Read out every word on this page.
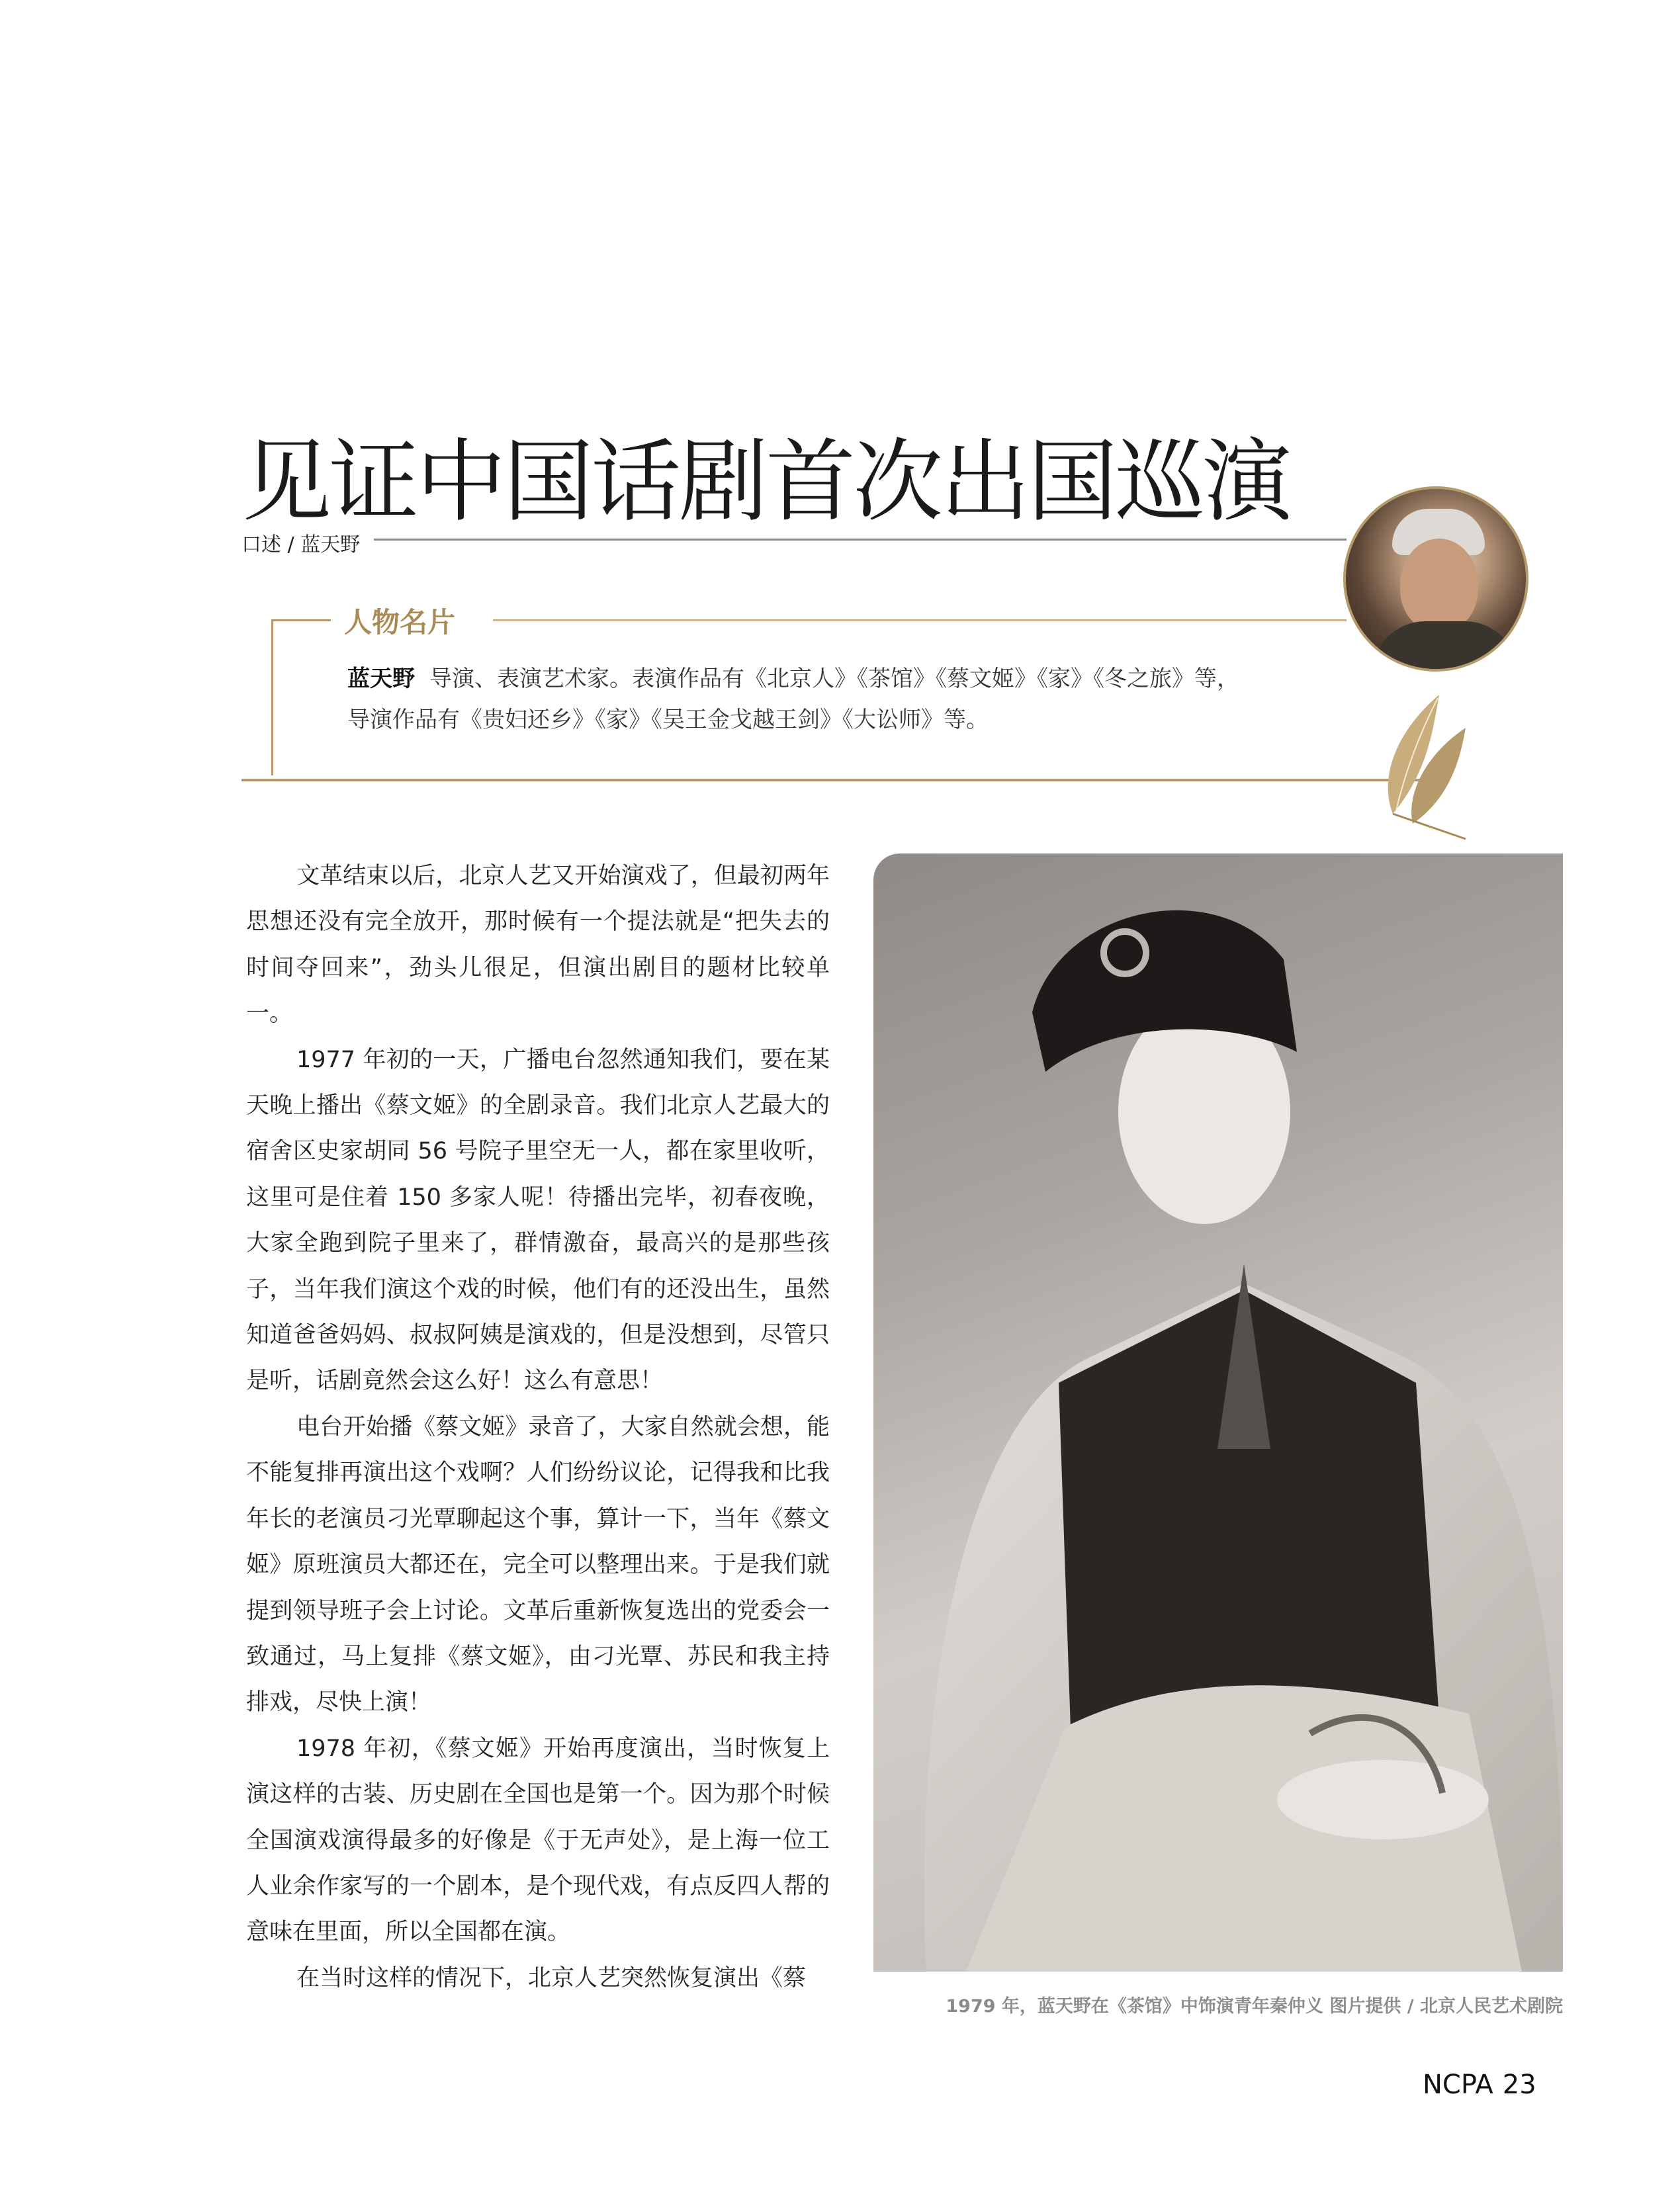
见证中国话剧首次出国巡演
口述 / 蓝天野
人物名片
蓝天野 导演、表演艺术家。表演作品有《北京人》《茶馆》《蔡文姬》《家》《冬之旅》等，
导演作品有《贵妇还乡》《家》《吴王金戈越王剑》《大讼师》等。

文革结束以后，北京人艺又开始演戏了，但最初两年思想还没有完全放开，那时候有一个提法就是“把失去的时间夺回来”，劲头儿很足，但演出剧目的题材比较单一。

1977 年初的一天，广播电台忽然通知我们，要在某天晚上播出《蔡文姬》的全剧录音。我们北京人艺最大的宿舍区史家胡同 56 号院子里空无一人，都在家里收听，这里可是住着 150 多家人呢！待播出完毕，初春夜晚，大家全跑到院子里来了，群情激奋，最高兴的是那些孩子，当年我们演这个戏的时候，他们有的还没出生，虽然知道爸爸妈妈、叔叔阿姨是演戏的，但是没想到，尽管只是听，话剧竟然会这么好！这么有意思！

电台开始播《蔡文姬》录音了，大家自然就会想，能不能复排再演出这个戏啊？人们纷纷议论，记得我和比我年长的老演员刁光覃聊起这个事，算计一下，当年《蔡文姬》原班演员大都还在，完全可以整理出来。于是我们就提到领导班子会上讨论。文革后重新恢复选出的党委会一致通过，马上复排《蔡文姬》，由刁光覃、苏民和我主持排戏，尽快上演！

1978 年初，《蔡文姬》开始再度演出，当时恢复上演这样的古装、历史剧在全国也是第一个。因为那个时候全国演戏演得最多的好像是《于无声处》，是上海一位工人业余作家写的一个剧本，是个现代戏，有点反四人帮的意味在里面，所以全国都在演。

在当时这样的情况下，北京人艺突然恢复演出《蔡

1979 年，蓝天野在《茶馆》中饰演青年秦仲义 图片提供 / 北京人民艺术剧院
NCPA 23
